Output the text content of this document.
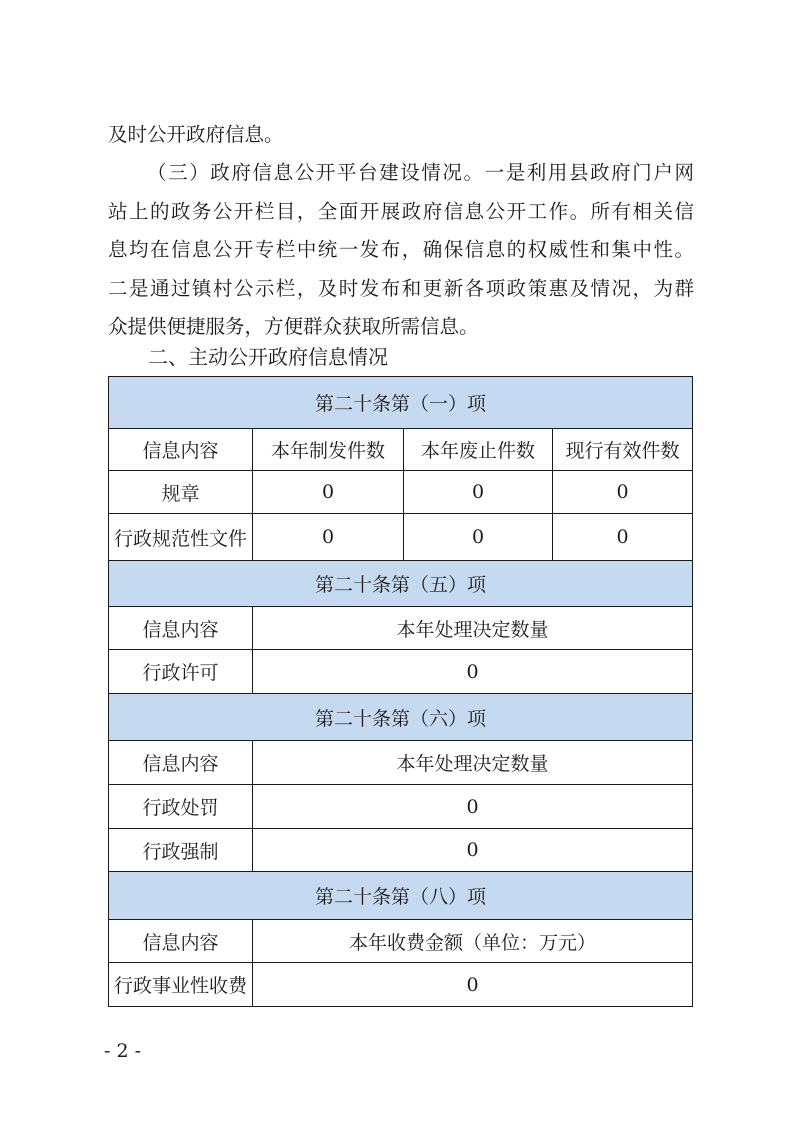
及时公开政府信息。

（三）政府信息公开平台建设情况。一是利用县政府门户网
站上的政务公开栏目，全面开展政府信息公开工作。所有相关信
息均在信息公开专栏中统一发布，确保信息的权威性和集中性。
二是通过镇村公示栏，及时发布和更新各项政策惠及情况，为群
众提供便捷服务，方便群众获取所需信息。

二、主动公开政府信息情况

第二十条第（一）项			
信息内容	本年制发件数	本年废止件数	现行有效件数
规章	0	0	0
行政规范性文件	0	0	0
第二十条第（五）项			
信息内容	本年处理决定数量		
行政许可	0		
第二十条第（六）项			
信息内容	本年处理决定数量		
行政处罚	0		
行政强制	0		
第二十条第（八）项			
信息内容	本年收费金额（单位：万元）		
行政事业性收费	0		

- 2 -
